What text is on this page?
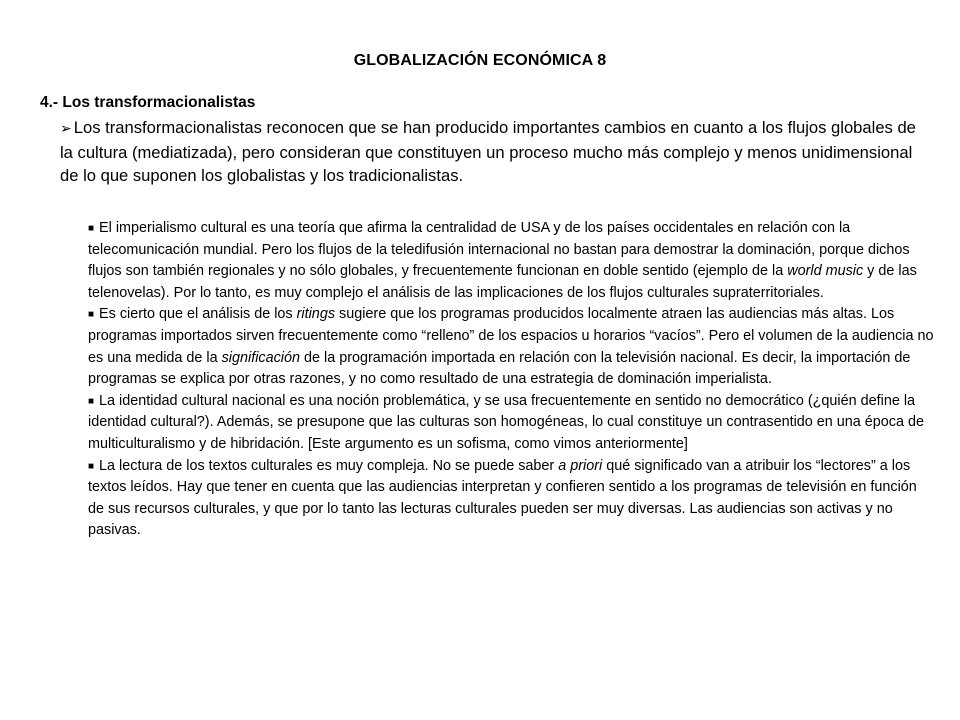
GLOBALIZACIÓN ECONÓMICA 8
4.- Los transformacionalistas
➢ Los transformacionalistas reconocen que se han producido importantes cambios en cuanto a los flujos globales de la cultura (mediatizada), pero consideran que constituyen un proceso mucho más complejo y menos unidimensional de lo que suponen los globalistas y los tradicionalistas.

■ El imperialismo cultural es una teoría que afirma la centralidad de USA y de los países occidentales en relación con la telecomunicación mundial. Pero los flujos de la teledifusión internacional no bastan para demostrar la dominación, porque dichos flujos son también regionales y no sólo globales, y frecuentemente funcionan en doble sentido (ejemplo de la world music y de las telenovelas). Por lo tanto, es muy complejo el análisis de las implicaciones de los flujos culturales supraterritoriales.

■ Es cierto que el análisis de los ritings sugiere que los programas producidos localmente atraen las audiencias más altas. Los programas importados sirven frecuentemente como “relleno” de los espacios u horarios “vacíos”. Pero el volumen de la audiencia no es una medida de la significación de la programación importada en relación con la televisión nacional. Es decir, la importación de programas se explica por otras razones, y no como resultado de una estrategia de dominación imperialista.

■ La identidad cultural nacional es una noción problemática, y se usa frecuentemente en sentido no democrático (¿quién define la identidad cultural?). Además, se presupone que las culturas son homogéneas, lo cual constituye un contrasentido en una época de multiculturalismo y de hibridación. [Este argumento es un sofisma, como vimos anteriormente]

■ La lectura de los textos culturales es muy compleja. No se puede saber a priori qué significado van a atribuir los “lectores” a los textos leídos. Hay que tener en cuenta que las audiencias interpretan y confieren sentido a los programas de televisión en función de sus recursos culturales, y que por lo tanto las lecturas culturales pueden ser muy diversas. Las audiencias son activas y no pasivas.
